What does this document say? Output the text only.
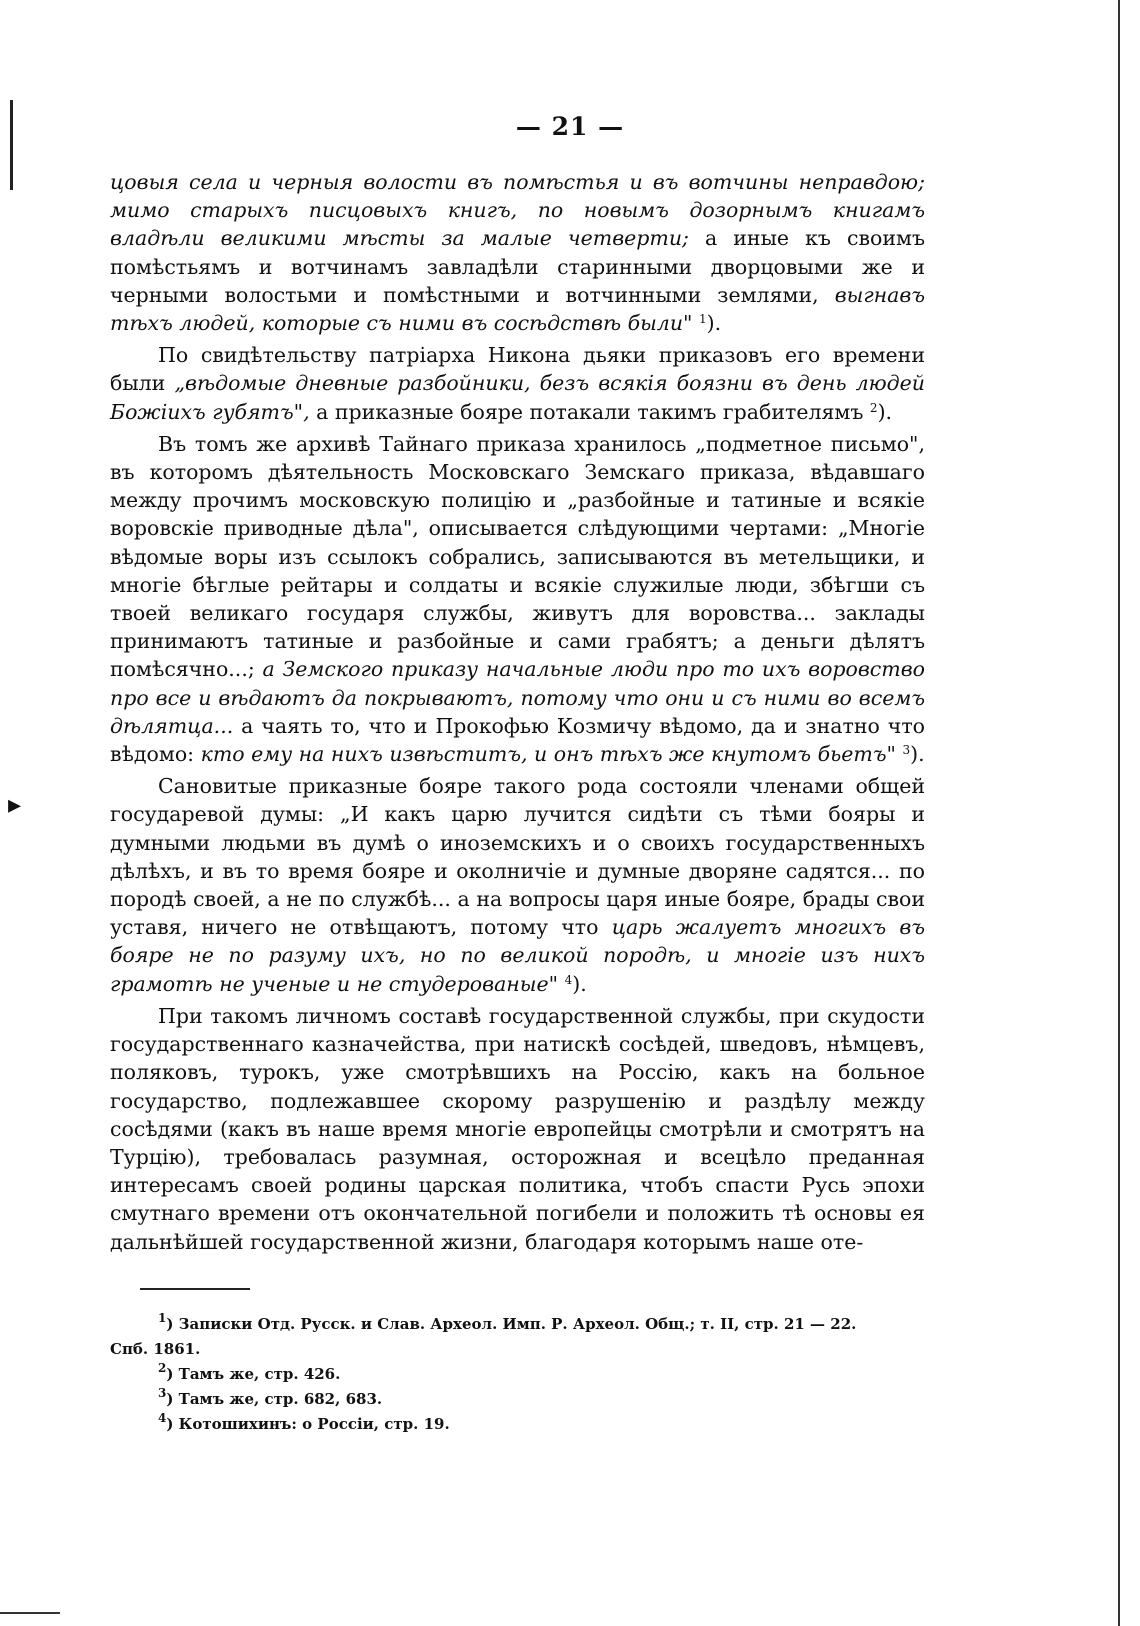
▸
— 21 —

цовыя села и черныя волости въ помѣстья и въ вотчины неправдою; мимо старыхъ писцовыхъ книгъ, по новымъ дозорнымъ книгамъ владѣли великими мѣсты за малые четверти; а иные къ своимъ помѣстьямъ и вотчинамъ завладѣли старинными дворцовыми же и черными волостьми и помѣстными и вотчинными землями, выгнавъ тѣхъ людей, которые съ ними въ сосѣдствѣ были" $^1$).

По свидѣтельству патріарха Никона дьяки приказовъ его времени были „вѣдомые дневные разбойники, безъ всякія боязни въ день людей Божіихъ губятъ", а приказные бояре потакали такимъ грабителямъ $^2$).

Въ томъ же архивѣ Тайнаго приказа хранилось „подметное письмо", въ которомъ дѣятельность Московскаго Земскаго приказа, вѣдавшаго между прочимъ московскую полицію и „разбойные и татиные и всякіе воровскіе приводные дѣла", описывается слѣдующими чертами: „Многіе вѣдомые воры изъ ссылокъ собрались, записываются въ метельщики, и многіе бѣглые рейтары и солдаты и всякіе служилые люди, збѣгши съ твоей великаго государя службы, живутъ для воровства... заклады принимаютъ татиные и разбойные и сами грабятъ; а деньги дѣлятъ помѣсячно...; а Земского приказу начальные люди про то ихъ воровство про все и вѣдаютъ да покрываютъ, потому что они и съ ними во всемъ дѣлятца... а чаять то, что и Прокофью Козмичу вѣдомо, да и знатно что вѣдомо: кто ему на нихъ извѣститъ, и онъ тѣхъ же кнутомъ бьетъ" $^3$).

Сановитые приказные бояре такого рода состояли членами общей государевой думы: „И какъ царю лучится сидѣти съ тѣми бояры и думными людьми въ думѣ о иноземскихъ и о своихъ государственныхъ дѣлѣхъ, и въ то время бояре и околничіе и думные дворяне садятся... по породѣ своей, а не по службѣ... а на вопросы царя иные бояре, брады свои уставя, ничего не отвѣщаютъ, потому что царь жалуетъ многихъ въ бояре не по разуму ихъ, но по великой породѣ, и многіе изъ нихъ грамотѣ не ученые и не студерованые" $^4$).

При такомъ личномъ составѣ государственной службы, при скудости государственнаго казначейства, при натискѣ сосѣдей, шведовъ, нѣмцевъ, поляковъ, турокъ, уже смотрѣвшихъ на Россію, какъ на больное государство, подлежавшее скорому разрушенію и раздѣлу между сосѣдями (какъ въ наше время многіе европейцы смотрѣли и смотрятъ на Турцію), требовалась разумная, осторожная и всецѣло преданная интересамъ своей родины царская политика, чтобъ спасти Русь эпохи смутнаго времени отъ окончательной погибели и положить тѣ основы ея дальнѣйшей государственной жизни, благодаря которымъ наше оте-

$^1$) Записки Отд. Русск. и Слав. Археол. Имп. Р. Археол. Общ.; т. II, стр. 21 — 22.
Спб. 1861.
$^2$) Тамъ же, стр. 426.
$^3$) Тамъ же, стр. 682, 683.
$^4$) Котошихинъ: о Россіи, стр. 19.
